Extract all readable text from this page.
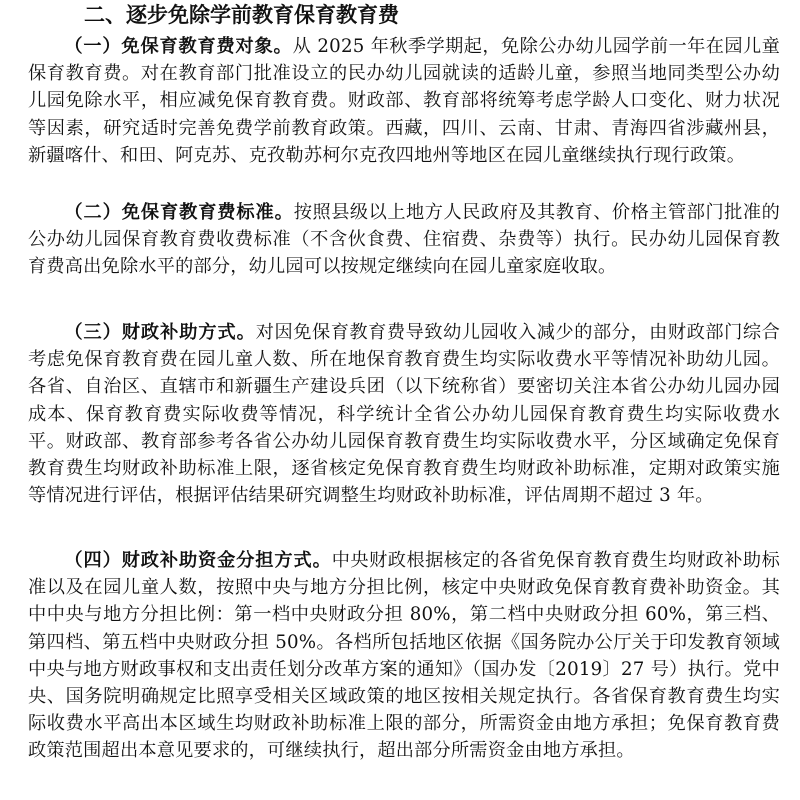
二、逐步免除学前教育保育教育费

（一）免保育教育费对象。从 2025 年秋季学期起，免除公办幼儿园学前一年在园儿童保育教育费。对在教育部门批准设立的民办幼儿园就读的适龄儿童，参照当地同类型公办幼儿园免除水平，相应减免保育教育费。财政部、教育部将统筹考虑学龄人口变化、财力状况等因素，研究适时完善免费学前教育政策。西藏，四川、云南、甘肃、青海四省涉藏州县，新疆喀什、和田、阿克苏、克孜勒苏柯尔克孜四地州等地区在园儿童继续执行现行政策。

（二）免保育教育费标准。按照县级以上地方人民政府及其教育、价格主管部门批准的公办幼儿园保育教育费收费标准（不含伙食费、住宿费、杂费等）执行。民办幼儿园保育教育费高出免除水平的部分，幼儿园可以按规定继续向在园儿童家庭收取。

（三）财政补助方式。对因免保育教育费导致幼儿园收入减少的部分，由财政部门综合考虑免保育教育费在园儿童人数、所在地保育教育费生均实际收费水平等情况补助幼儿园。各省、自治区、直辖市和新疆生产建设兵团（以下统称省）要密切关注本省公办幼儿园办园成本、保育教育费实际收费等情况，科学统计全省公办幼儿园保育教育费生均实际收费水平。财政部、教育部参考各省公办幼儿园保育教育费生均实际收费水平，分区域确定免保育教育费生均财政补助标准上限，逐省核定免保育教育费生均财政补助标准，定期对政策实施等情况进行评估，根据评估结果研究调整生均财政补助标准，评估周期不超过 3 年。

（四）财政补助资金分担方式。中央财政根据核定的各省免保育教育费生均财政补助标准以及在园儿童人数，按照中央与地方分担比例，核定中央财政免保育教育费补助资金。其中中央与地方分担比例：第一档中央财政分担 80%，第二档中央财政分担 60%，第三档、第四档、第五档中央财政分担 50%。各档所包括地区依据《国务院办公厅关于印发教育领域中央与地方财政事权和支出责任划分改革方案的通知》（国办发〔2019〕27 号）执行。党中央、国务院明确规定比照享受相关区域政策的地区按相关规定执行。各省保育教育费生均实际收费水平高出本区域生均财政补助标准上限的部分，所需资金由地方承担；免保育教育费政策范围超出本意见要求的，可继续执行，超出部分所需资金由地方承担。
